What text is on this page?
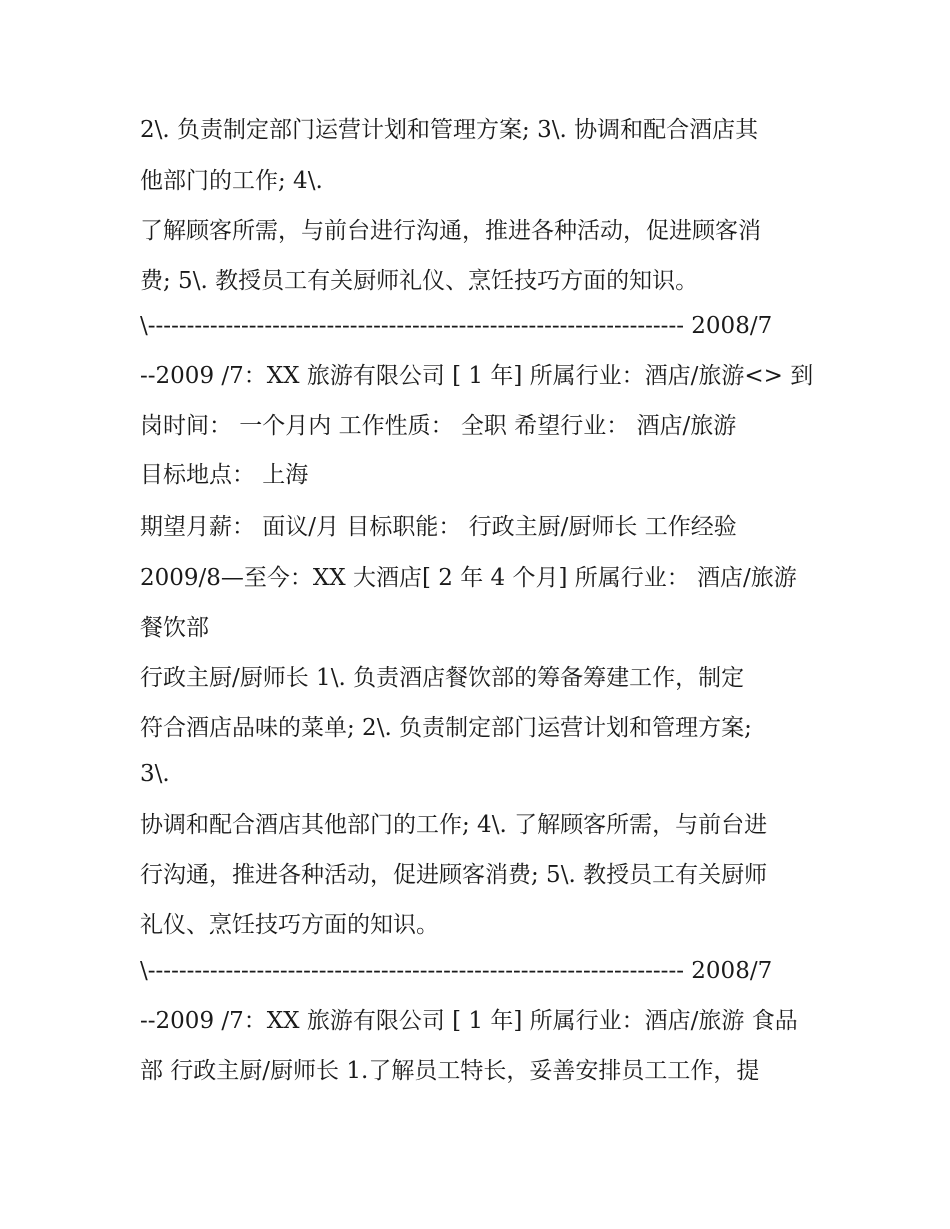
2\. 负责制定部门运营计划和管理方案; 3\. 协调和配合酒店其
他部门的工作; 4\.
了解顾客所需，与前台进行沟通，推进各种活动，促进顾客消
费; 5\. 教授员工有关厨师礼仪、烹饪技巧方面的知识。
\--------------------------------------------------------------------- 2008/7
--2009 /7：XX 旅游有限公司 [ 1 年] 所属行业：酒店/旅游<> 到
岗时间： 一个月内 工作性质： 全职 希望行业： 酒店/旅游
目标地点： 上海
期望月薪： 面议/月 目标职能： 行政主厨/厨师长 工作经验
2009/8—至今：XX 大酒店[ 2 年 4 个月] 所属行业： 酒店/旅游
餐饮部
行政主厨/厨师长 1\. 负责酒店餐饮部的筹备筹建工作，制定
符合酒店品味的菜单; 2\. 负责制定部门运营计划和管理方案;
3\.
协调和配合酒店其他部门的工作; 4\. 了解顾客所需，与前台进
行沟通，推进各种活动，促进顾客消费; 5\. 教授员工有关厨师
礼仪、烹饪技巧方面的知识。
\--------------------------------------------------------------------- 2008/7
--2009 /7：XX 旅游有限公司 [ 1 年] 所属行业：酒店/旅游 食品
部 行政主厨/厨师长 1.了解员工特长，妥善安排员工工作，提
